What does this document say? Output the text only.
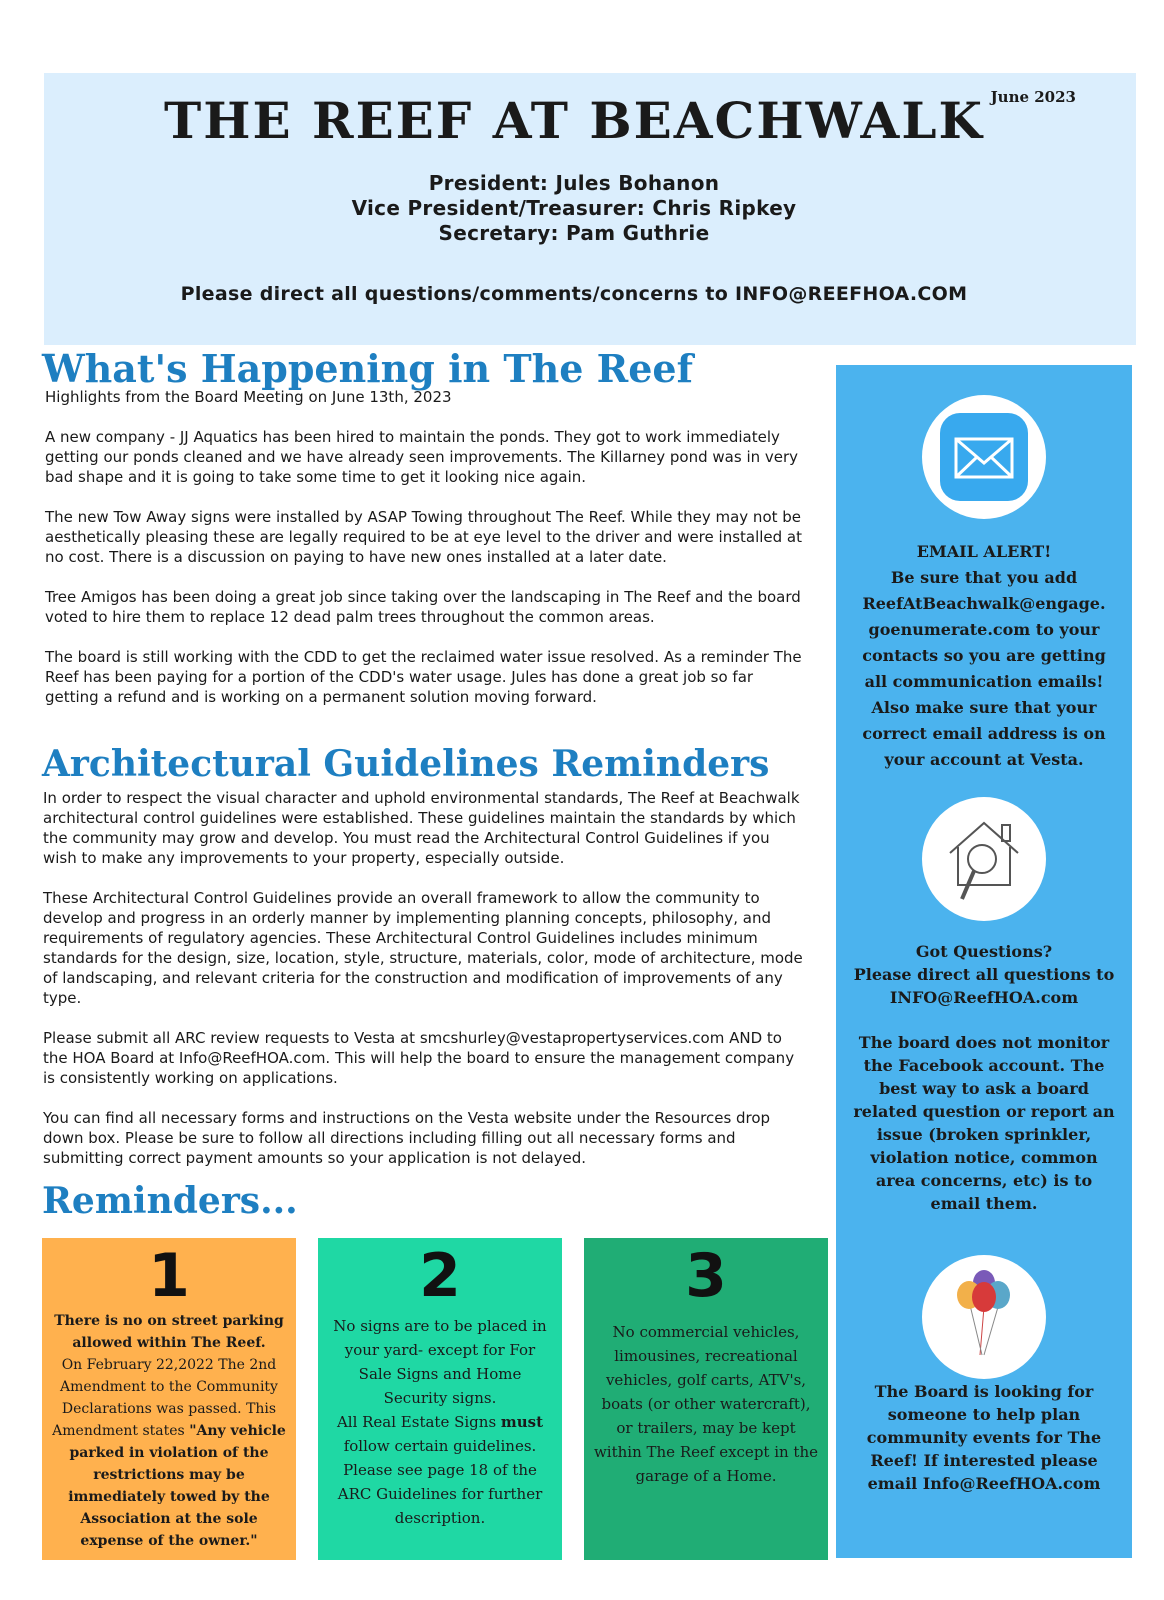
June 2023
THE REEF AT BEACHWALK
President: Jules Bohanon
Vice President/Treasurer: Chris Ripkey
Secretary: Pam Guthrie
Please direct all questions/comments/concerns to INFO@REEFHOA.COM
What's Happening in The Reef

Highlights from the Board Meeting on June 13th, 2023

A new company - JJ Aquatics has been hired to maintain the ponds. They got to work immediately getting our ponds cleaned and we have already seen improvements. The Killarney pond was in very bad shape and it is going to take some time to get it looking nice again.

The new Tow Away signs were installed by ASAP Towing throughout The Reef. While they may not be aesthetically pleasing these are legally required to be at eye level to the driver and were installed at no cost. There is a discussion on paying to have new ones installed at a later date.

Tree Amigos has been doing a great job since taking over the landscaping in The Reef and the board voted to hire them to replace 12 dead palm trees throughout the common areas.

The board is still working with the CDD to get the reclaimed water issue resolved. As a reminder The Reef has been paying for a portion of the CDD's water usage. Jules has done a great job so far getting a refund and is working on a permanent solution moving forward.

Architectural Guidelines Reminders

In order to respect the visual character and uphold environmental standards, The Reef at Beachwalk architectural control guidelines were established. These guidelines maintain the standards by which the community may grow and develop. You must read the Architectural Control Guidelines if you wish to make any improvements to your property, especially outside.

These Architectural Control Guidelines provide an overall framework to allow the community to develop and progress in an orderly manner by implementing planning concepts, philosophy, and requirements of regulatory agencies. These Architectural Control Guidelines includes minimum standards for the design, size, location, style, structure, materials, color, mode of architecture, mode of landscaping, and relevant criteria for the construction and modification of improvements of any type.

Please submit all ARC review requests to Vesta at smcshurley@vestapropertyservices.com AND to the HOA Board at Info@ReefHOA.com. This will help the board to ensure the management company is consistently working on applications.

You can find all necessary forms and instructions on the Vesta website under the Resources drop down box. Please be sure to follow all directions including filling out all necessary forms and submitting correct payment amounts so your application is not delayed.

Reminders...
1
There is no on street parking allowed within The Reef.
On February 22,2022 The 2nd Amendment to the Community Declarations was passed. This Amendment states "Any vehicle parked in violation of the restrictions may be immediately towed by the Association at the sole expense of the owner."
2
No signs are to be placed in your yard- except for For Sale Signs and Home Security signs.
All Real Estate Signs must follow certain guidelines. Please see page 18 of the ARC Guidelines for further description.
3
No commercial vehicles, limousines, recreational vehicles, golf carts, ATV's, boats (or other watercraft), or trailers, may be kept within The Reef except in the garage of a Home.

EMAIL ALERT!

Be sure that you add ReefAtBeachwalk@engage. goenumerate.com to your contacts so you are getting all communication emails! Also make sure that your correct email address is on your account at Vesta.

Got Questions?

Please direct all questions to

INFO@ReefHOA.com

The board does not monitor the Facebook account. The best way to ask a board related question or report an issue (broken sprinkler, violation notice, common area concerns, etc) is to email them.

The Board is looking for someone to help plan community events for The Reef! If interested please email Info@ReefHOA.com
